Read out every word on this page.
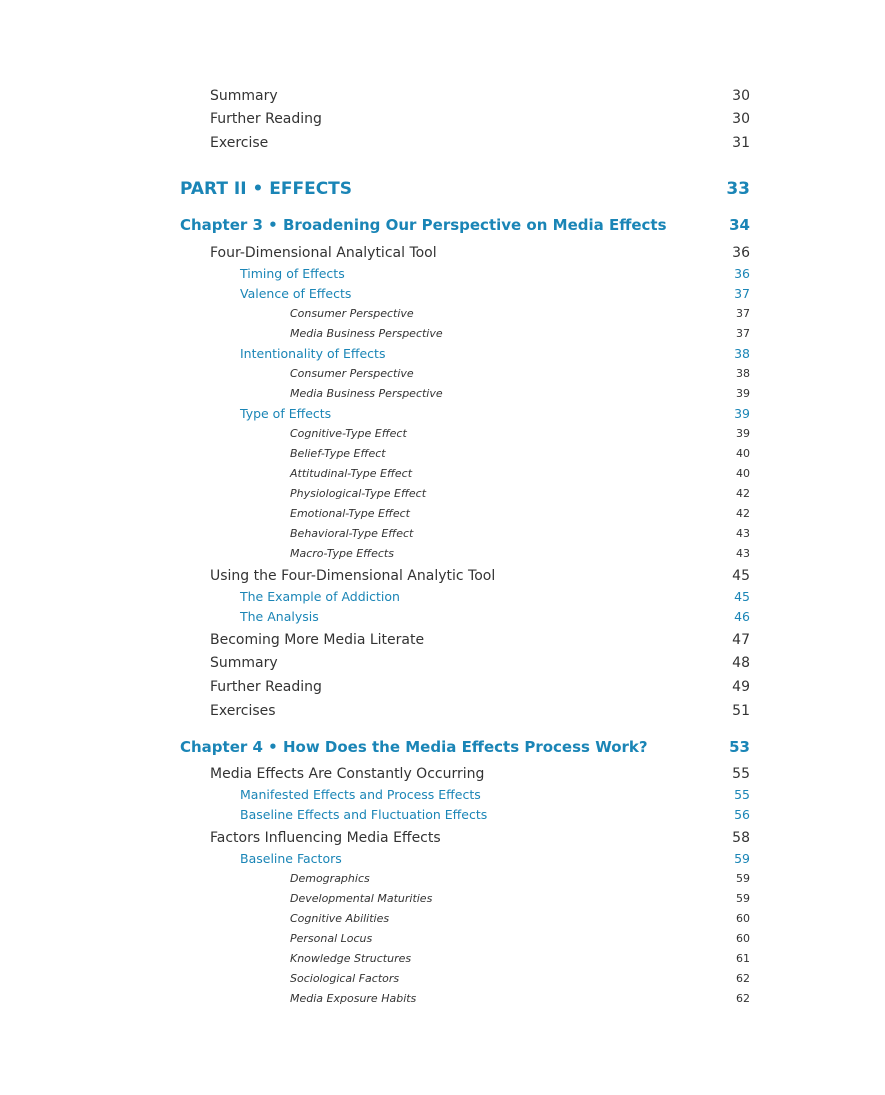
Summary	30
Further Reading	30
Exercise	31
PART II • EFFECTS	33
Chapter 3 • Broadening Our Perspective on Media Effects	34
Four-Dimensional Analytical Tool	36
Timing of Effects	36
Valence of Effects	37
Consumer Perspective	37
Media Business Perspective	37
Intentionality of Effects	38
Consumer Perspective	38
Media Business Perspective	39
Type of Effects	39
Cognitive-Type Effect	39
Belief-Type Effect	40
Attitudinal-Type Effect	40
Physiological-Type Effect	42
Emotional-Type Effect	42
Behavioral-Type Effect	43
Macro-Type Effects	43
Using the Four-Dimensional Analytic Tool	45
The Example of Addiction	45
The Analysis	46
Becoming More Media Literate	47
Summary	48
Further Reading	49
Exercises	51
Chapter 4 • How Does the Media Effects Process Work?	53
Media Effects Are Constantly Occurring	55
Manifested Effects and Process Effects	55
Baseline Effects and Fluctuation Effects	56
Factors Influencing Media Effects	58
Baseline Factors	59
Demographics	59
Developmental Maturities	59
Cognitive Abilities	60
Personal Locus	60
Knowledge Structures	61
Sociological Factors	62
Media Exposure Habits	62
